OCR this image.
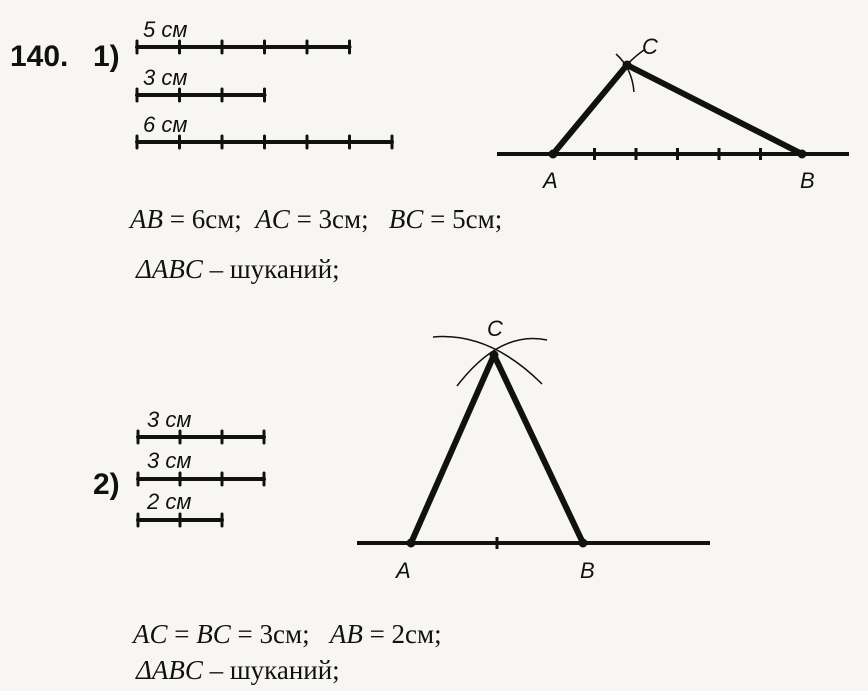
140. 1)
5 см
3 см
6 см
C
A	B
AB = 6см; AC = 3см; BC = 5см;
ΔABC – шуканий;
2)
3 см
3 см
2 см
C
A	B
AC = BC = 3см; AB = 2см;
ΔABC – шуканий;
